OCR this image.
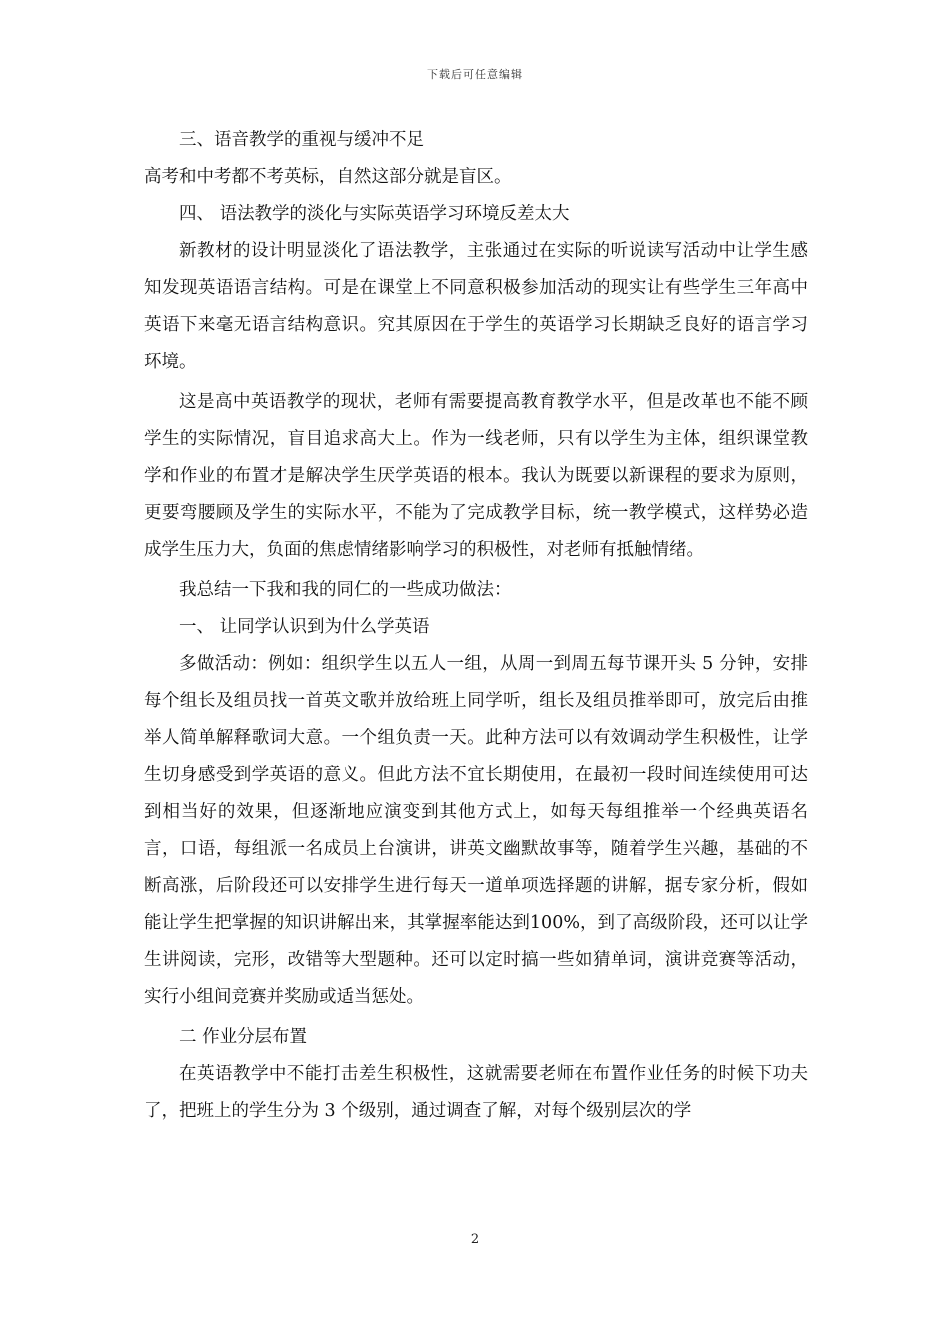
下载后可任意编辑

三、语音教学的重视与缓冲不足

高考和中考都不考英标，自然这部分就是盲区。

四、 语法教学的淡化与实际英语学习环境反差太大

新教材的设计明显淡化了语法教学，主张通过在实际的听说读写活动中让学生感知发现英语语言结构。可是在课堂上不同意积极参加活动的现实让有些学生三年高中英语下来毫无语言结构意识。究其原因在于学生的英语学习长期缺乏良好的语言学习环境。

这是高中英语教学的现状，老师有需要提高教育教学水平，但是改革也不能不顾学生的实际情况，盲目追求高大上。作为一线老师，只有以学生为主体，组织课堂教学和作业的布置才是解决学生厌学英语的根本。我认为既要以新课程的要求为原则，更要弯腰顾及学生的实际水平，不能为了完成教学目标，统一教学模式，这样势必造成学生压力大，负面的焦虑情绪影响学习的积极性，对老师有抵触情绪。

我总结一下我和我的同仁的一些成功做法：

一、 让同学认识到为什么学英语

多做活动：例如：组织学生以五人一组，从周一到周五每节课开头 5 分钟，安排每个组长及组员找一首英文歌并放给班上同学听，组长及组员推举即可，放完后由推举人简单解释歌词大意。一个组负责一天。此种方法可以有效调动学生积极性，让学生切身感受到学英语的意义。但此方法不宜长期使用，在最初一段时间连续使用可达到相当好的效果，但逐渐地应演变到其他方式上，如每天每组推举一个经典英语名言，口语，每组派一名成员上台演讲，讲英文幽默故事等，随着学生兴趣，基础的不断高涨，后阶段还可以安排学生进行每天一道单项选择题的讲解，据专家分析，假如能让学生把掌握的知识讲解出来，其掌握率能达到100%，到了高级阶段，还可以让学生讲阅读，完形，改错等大型题种。还可以定时搞一些如猜单词，演讲竞赛等活动，实行小组间竞赛并奖励或适当惩处。

二 作业分层布置

在英语教学中不能打击差生积极性，这就需要老师在布置作业任务的时候下功夫了，把班上的学生分为 3 个级别，通过调查了解，对每个级别层次的学

2
